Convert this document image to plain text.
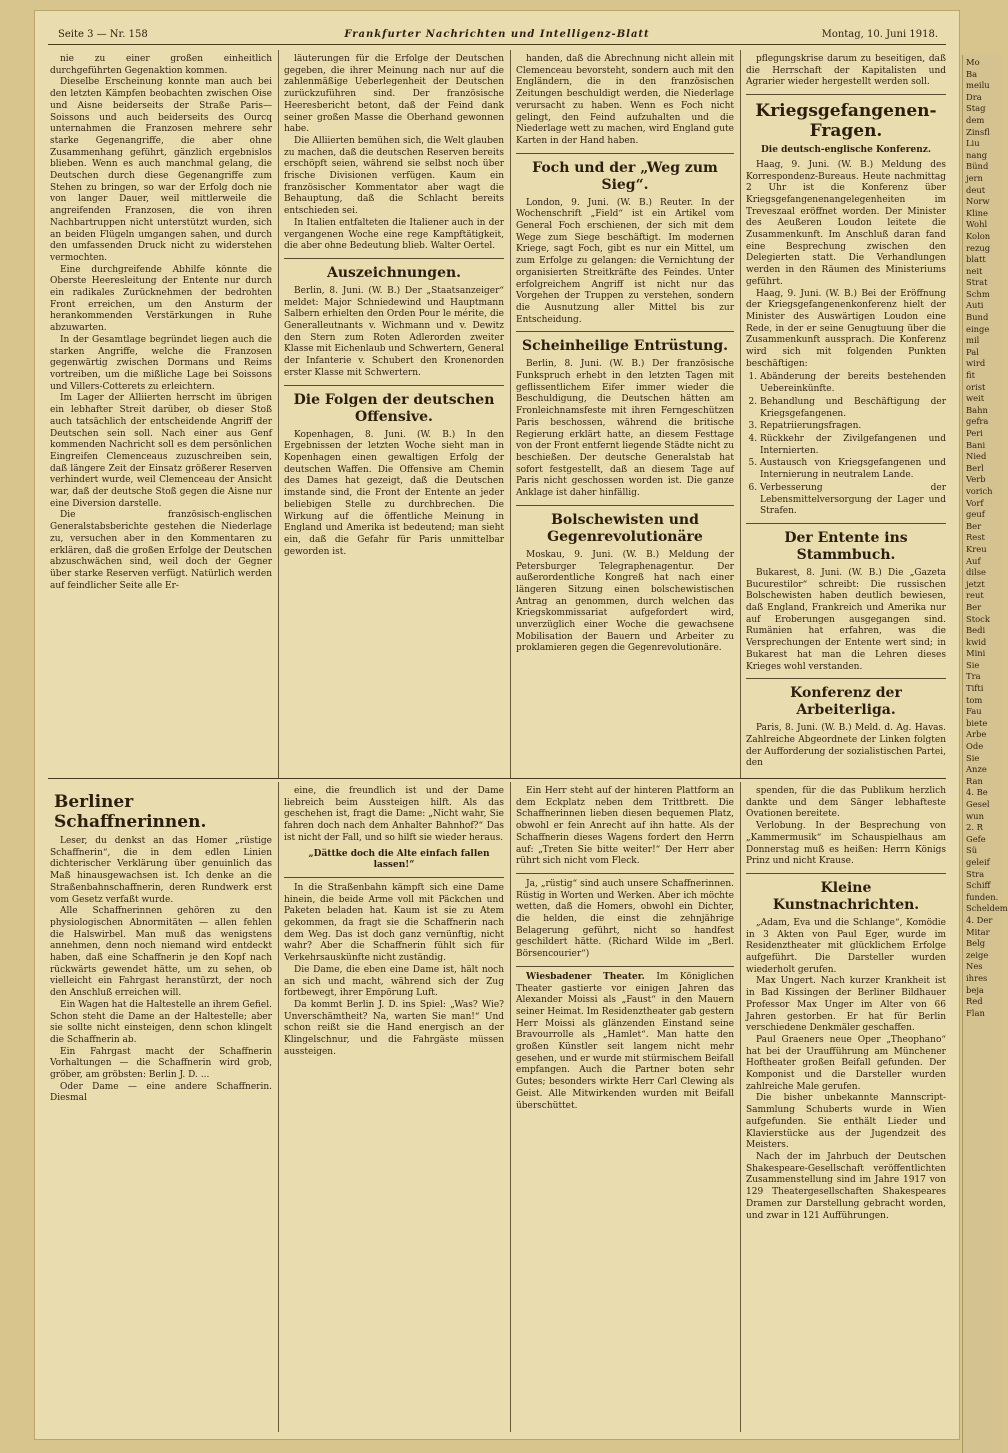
Seite 3 — Nr. 158	Frankfurter Nachrichten und Intelligenz-Blatt	Montag, 10. Juni 1918.

nie zu einer großen einheitlich durchgeführten Gegenaktion kommen.

Dieselbe Erscheinung konnte man auch bei den letzten Kämpfen beobachten zwischen Oise und Aisne beiderseits der Straße Paris—Soissons und auch beiderseits des Ourcq unternahmen die Franzosen mehrere sehr starke Gegenangriffe, die aber ohne Zusammenhang geführt, gänzlich ergebnislos blieben. Wenn es auch manchmal gelang, die Deutschen durch diese Gegenangriffe zum Stehen zu bringen, so war der Erfolg doch nie von langer Dauer, weil mittlerweile die angreifenden Franzosen, die von ihren Nachbartruppen nicht unterstützt wurden, sich an beiden Flügeln umgangen sahen, und durch den umfassenden Druck nicht zu widerstehen vermochten.

Eine durchgreifende Abhilfe könnte die Oberste Heeresleitung der Entente nur durch ein radikales Zurücknehmen der bedrohten Front erreichen, um den Ansturm der herankommenden Verstärkungen in Ruhe abzuwarten.

In der Gesamtlage begründet liegen auch die starken Angriffe, welche die Franzosen gegenwärtig zwischen Dormans und Reims vortreiben, um die mißliche Lage bei Soissons und Villers-Cotterets zu erleichtern.

Im Lager der Alliierten herrscht im übrigen ein lebhafter Streit darüber, ob dieser Stoß auch tatsächlich der entscheidende Angriff der Deutschen sein soll. Nach einer aus Genf kommenden Nachricht soll es dem persönlichen Eingreifen Clemenceaus zuzuschreiben sein, daß längere Zeit der Einsatz größerer Reserven verhindert wurde, weil Clemenceau der Ansicht war, daß der deutsche Stoß gegen die Aisne nur eine Diversion darstelle.

Die französisch-englischen Generalstabsberichte gestehen die Niederlage zu, versuchen aber in den Kommentaren zu erklären, daß die großen Erfolge der Deutschen abzuschwächen sind, weil doch der Gegner über starke Reserven verfügt. Natürlich werden auf feindlicher Seite alle Er-

läuterungen für die Erfolge der Deutschen gegeben, die ihrer Meinung nach nur auf die zahlenmäßige Ueberlegenheit der Deutschen zurückzuführen sind. Der französische Heeresbericht betont, daß der Feind dank seiner großen Masse die Oberhand gewonnen habe.

Die Alliierten bemühen sich, die Welt glauben zu machen, daß die deutschen Reserven bereits erschöpft seien, während sie selbst noch über frische Divisionen verfügen. Kaum ein französischer Kommentator aber wagt die Behauptung, daß die Schlacht bereits entschieden sei.

In Italien entfalteten die Italiener auch in der vergangenen Woche eine rege Kampftätigkeit, die aber ohne Bedeutung blieb. Walter Oertel.

Auszeichnungen.

Berlin, 8. Juni. (W. B.) Der „Staatsanzeiger“ meldet: Major Schniedewind und Hauptmann Salbern erhielten den Orden Pour le mérite, die Generalleutnants v. Wichmann und v. Dewitz den Stern zum Roten Adlerorden zweiter Klasse mit Eichenlaub und Schwertern, General der Infanterie v. Schubert den Kronenorden erster Klasse mit Schwertern.

Die Folgen der deutschen Offensive.

Kopenhagen, 8. Juni. (W. B.) In den Ergebnissen der letzten Woche sieht man in Kopenhagen einen gewaltigen Erfolg der deutschen Waffen. Die Offensive am Chemin des Dames hat gezeigt, daß die Deutschen imstande sind, die Front der Entente an jeder beliebigen Stelle zu durchbrechen. Die Wirkung auf die öffentliche Meinung in England und Amerika ist bedeutend; man sieht ein, daß die Gefahr für Paris unmittelbar geworden ist.

handen, daß die Abrechnung nicht allein mit Clemenceau bevorsteht, sondern auch mit den Engländern, die in den französischen Zeitungen beschuldigt werden, die Niederlage verursacht zu haben. Wenn es Foch nicht gelingt, den Feind aufzuhalten und die Niederlage wett zu machen, wird England gute Karten in der Hand haben.

Foch und der „Weg zum Sieg“.

London, 9. Juni. (W. B.) Reuter. In der Wochenschrift „Field“ ist ein Artikel vom General Foch erschienen, der sich mit dem Wege zum Siege beschäftigt. Im modernen Kriege, sagt Foch, gibt es nur ein Mittel, um zum Erfolge zu gelangen: die Vernichtung der organisierten Streitkräfte des Feindes. Unter erfolgreichem Angriff ist nicht nur das Vorgehen der Truppen zu verstehen, sondern die Ausnutzung aller Mittel bis zur Entscheidung.

Scheinheilige Entrüstung.

Berlin, 8. Juni. (W. B.) Der französische Funkspruch erhebt in den letzten Tagen mit geflissentlichem Eifer immer wieder die Beschuldigung, die Deutschen hätten am Fronleichnamsfeste mit ihren Ferngeschützen Paris beschossen, während die britische Regierung erklärt hatte, an diesem Festtage von der Front entfernt liegende Städte nicht zu beschießen. Der deutsche Generalstab hat sofort festgestellt, daß an diesem Tage auf Paris nicht geschossen worden ist. Die ganze Anklage ist daher hinfällig.

Bolschewisten und Gegenrevolutionäre

Moskau, 9. Juni. (W. B.) Meldung der Petersburger Telegraphenagentur. Der außerordentliche Kongreß hat nach einer längeren Sitzung einen bolschewistischen Antrag an genommen, durch welchen das Kriegskommissariat aufgefordert wird, unverzüglich einer Woche die gewachsene Mobilisation der Bauern und Arbeiter zu proklamieren gegen die Gegenrevolutionäre.

pflegungskrise darum zu beseitigen, daß die Herrschaft der Kapitalisten und Agrarier wieder hergestellt werden soll.

Kriegsgefangenen-Fragen.
Die deutsch-englische Konferenz.

Haag, 9. Juni. (W. B.) Meldung des Korrespondenz-Bureaus. Heute nachmittag 2 Uhr ist die Konferenz über Kriegsgefangenenangelegenheiten im Treveszaal eröffnet worden. Der Minister des Aeußeren Loudon leitete die Zusammenkunft. Im Anschluß daran fand eine Besprechung zwischen den Delegierten statt. Die Verhandlungen werden in den Räumen des Ministeriums geführt.

Haag, 9. Juni. (W. B.) Bei der Eröffnung der Kriegsgefangenenkonferenz hielt der Minister des Auswärtigen Loudon eine Rede, in der er seine Genugtuung über die Zusammenkunft aussprach. Die Konferenz wird sich mit folgenden Punkten beschäftigen:

1. Abänderung der bereits bestehenden Uebereinkünfte.
2. Behandlung und Beschäftigung der Kriegsgefangenen.
3. Repatriierungsfragen.
4. Rückkehr der Zivilgefangenen und Internierten.
5. Austausch von Kriegsgefangenen und Internierung in neutralem Lande.
6. Verbesserung der Lebensmittelversorgung der Lager und Strafen.
Der Entente ins Stammbuch.

Bukarest, 8. Juni. (W. B.) Die „Gazeta Bucurestilor“ schreibt: Die russischen Bolschewisten haben deutlich bewiesen, daß England, Frankreich und Amerika nur auf Eroberungen ausgegangen sind. Rumänien hat erfahren, was die Versprechungen der Entente wert sind; in Bukarest hat man die Lehren dieses Krieges wohl verstanden.

Konferenz der Arbeiterliga.

Paris, 8. Juni. (W. B.) Meld. d. Ag. Havas. Zahlreiche Abgeordnete der Linken folgten der Aufforderung der sozialistischen Partei, den

Berliner Schaffnerinnen.

Leser, du denkst an das Homer „rüstige Schaffnerin“, die in dem edlen Linien dichterischer Verklärung über genuinlich das Maß hinausgewachsen ist. Ich denke an die Straßenbahnschaffnerin, deren Rundwerk erst vom Gesetz verfaßt wurde.

Alle Schaffnerinnen gehören zu den physiologischen Abnormitäten — allen fehlen die Halswirbel. Man muß das wenigstens annehmen, denn noch niemand wird entdeckt haben, daß eine Schaffnerin je den Kopf nach rückwärts gewendet hätte, um zu sehen, ob vielleicht ein Fahrgast heranstürzt, der noch den Anschluß erreichen will.

Ein Wagen hat die Haltestelle an ihrem Gefiel. Schon steht die Dame an der Haltestelle; aber sie sollte nicht einsteigen, denn schon klingelt die Schaffnerin ab.

Ein Fahrgast macht der Schaffnerin Vorhaltungen — die Schaffnerin wird grob, gröber, am gröbsten: Berlin J. D. ...

Oder Dame — eine andere Schaffnerin. Diesmal

eine, die freundlich ist und der Dame liebreich beim Aussteigen hilft. Als das geschehen ist, fragt die Dame: „Nicht wahr, Sie fahren doch nach dem Anhalter Bahnhof?“ Das ist nicht der Fall, und so hilft sie wieder heraus.

„Dättke doch die Alte einfach fallen lassen!“

In die Straßenbahn kämpft sich eine Dame hinein, die beide Arme voll mit Päckchen und Paketen beladen hat. Kaum ist sie zu Atem gekommen, da fragt sie die Schaffnerin nach dem Weg. Das ist doch ganz vernünftig, nicht wahr? Aber die Schaffnerin fühlt sich für Verkehrsauskünfte nicht zuständig.

Die Dame, die eben eine Dame ist, hält noch an sich und macht, während sich der Zug fortbewegt, ihrer Empörung Luft.

Da kommt Berlin J. D. ins Spiel: „Was? Wie? Unverschämtheit? Na, warten Sie man!“ Und schon reißt sie die Hand energisch an der Klingelschnur, und die Fahrgäste müssen aussteigen.

Ein Herr steht auf der hinteren Plattform an dem Eckplatz neben dem Trittbrett. Die Schaffnerinnen lieben diesen bequemen Platz, obwohl er fein Anrecht auf ihn hatte. Als der Schaffnerin dieses Wagens fordert den Herrn auf: „Treten Sie bitte weiter!“ Der Herr aber rührt sich nicht vom Fleck.

Ja, „rüstig“ sind auch unsere Schaffnerinnen. Rüstig in Worten und Werken. Aber ich möchte wetten, daß die Homers, obwohl ein Dichter, die helden, die einst die zehnjährige Belagerung geführt, nicht so handfest geschildert hätte. (Richard Wilde im „Berl. Börsencourier“)

Wiesbadener Theater. Im Königlichen Theater gastierte vor einigen Jahren das Alexander Moissi als „Faust“ in den Mauern seiner Heimat. Im Residenztheater gab gestern Herr Moissi als glänzenden Einstand seine Bravourrolle als „Hamlet“. Man hatte den großen Künstler seit langem nicht mehr gesehen, und er wurde mit stürmischem Beifall empfangen. Auch die Partner boten sehr Gutes; besonders wirkte Herr Carl Clewing als Geist. Alle Mitwirkenden wurden mit Beifall überschüttet.

spenden, für die das Publikum herzlich dankte und dem Sänger lebhafteste Ovationen bereitete.

Verlobung. In der Besprechung von „Kammermusik“ im Schauspielhaus am Donnerstag muß es heißen: Herrn Königs Prinz und nicht Krause.

Kleine Kunstnachrichten.

„Adam, Eva und die Schlange“, Komödie in 3 Akten von Paul Eger, wurde im Residenztheater mit glücklichem Erfolge aufgeführt. Die Darsteller wurden wiederholt gerufen.

Max Ungert. Nach kurzer Krankheit ist in Bad Kissingen der Berliner Bildhauer Professor Max Unger im Alter von 66 Jahren gestorben. Er hat für Berlin verschiedene Denkmäler geschaffen.

Paul Graeners neue Oper „Theophano“ hat bei der Uraufführung am Münchener Hoftheater großen Beifall gefunden. Der Komponist und die Darsteller wurden zahlreiche Male gerufen.

Die bisher unbekannte Mannscript-Sammlung Schuberts wurde in Wien aufgefunden. Sie enthält Lieder und Klavierstücke aus der Jugendzeit des Meisters.

Nach der im Jahrbuch der Deutschen Shakespeare-Gesellschaft veröffentlichten Zusammenstellung sind im Jahre 1917 von 129 Theatergesellschaften Shakespeares Dramen zur Darstellung gebracht worden, und zwar in 121 Aufführungen.

Mo
Ba
meilu
Dra
Stag
dem
Zinsfl
Liu
nang
Bünd
jern
deut
Norw
Kline
Wohl
Kolon
rezug
blatt
neit
Strat
Schm
Auti
Bund
einge
mil
Pal
wird
fit
orist
weit
Bahn
gefra
Peri
Bani
Nied
Berl
Verb
vorich
Vorf
geuf
Ber
Rest
Kreu
Auf
dilse
jetzt
reut
Ber
Stock
Bedi
kwid
Mini
Sie
Tra
Tifti
tom
Fau
biete
Arbe
Ode
Sie
Anze
Ran
4. Be
Gesel
wun
2. R
Gefe
Sü
geleif
Stra
Schiff
funden.
Scheldem
4. Der
Mitar
Belg
zeige
Nes
ihres
beja
Red
Flan
